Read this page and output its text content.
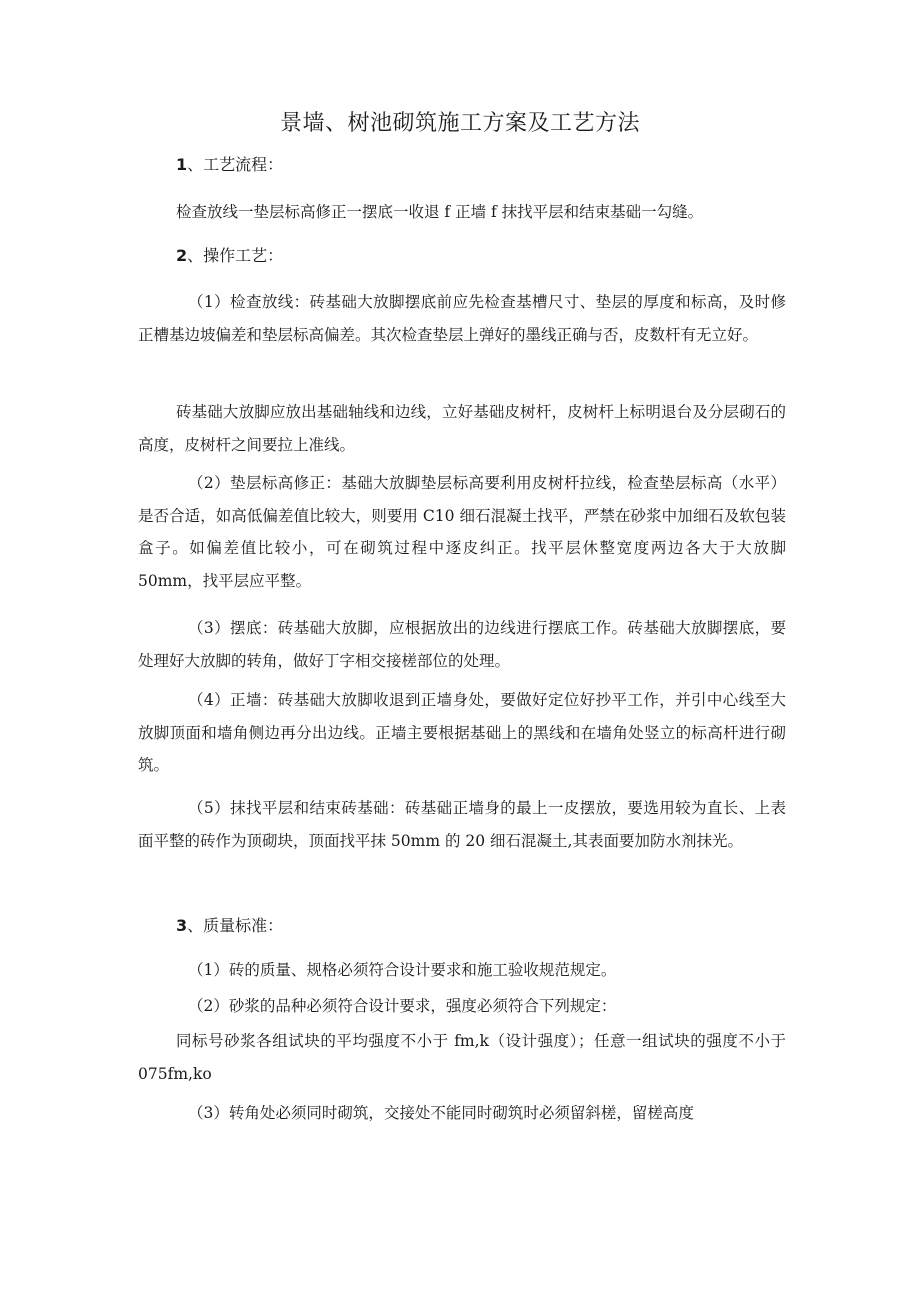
景墙、树池砌筑施工方案及工艺方法
1、工艺流程：

检查放线一垫层标高修正一摆底一收退 f 正墙 f 抹找平层和结束基础一勾缝。

2、操作工艺：

（1）检查放线：砖基础大放脚摆底前应先检查基槽尺寸、垫层的厚度和标高，及时修正槽基边坡偏差和垫层标高偏差。其次检查垫层上弹好的墨线正确与否，皮数杆有无立好。

砖基础大放脚应放出基础轴线和边线，立好基础皮树杆，皮树杆上标明退台及分层砌石的高度，皮树杆之间要拉上准线。

（2）垫层标高修正：基础大放脚垫层标高要利用皮树杆拉线，检查垫层标高（水平）是否合适，如高低偏差值比较大，则要用 C10 细石混凝土找平，严禁在砂浆中加细石及软包装盒子。如偏差值比较小，可在砌筑过程中逐皮纠正。找平层休整宽度两边各大于大放脚 50mm，找平层应平整。

（3）摆底：砖基础大放脚，应根据放出的边线进行摆底工作。砖基础大放脚摆底，要处理好大放脚的转角，做好丁字相交接槎部位的处理。

（4）正墙：砖基础大放脚收退到正墙身处，要做好定位好抄平工作，并引中心线至大放脚顶面和墙角侧边再分出边线。正墙主要根据基础上的黑线和在墙角处竖立的标高杆进行砌筑。

（5）抹找平层和结束砖基础：砖基础正墙身的最上一皮摆放，要选用较为直长、上表面平整的砖作为顶砌块，顶面找平抹 50mm 的 20 细石混凝土,其表面要加防水剂抹光。

3、质量标准：

（1）砖的质量、规格必须符合设计要求和施工验收规范规定。

（2）砂浆的品种必须符合设计要求，强度必须符合下列规定：

同标号砂浆各组试块的平均强度不小于 fm,k（设计强度）；任意一组试块的强度不小于 075fm,ko

（3）转角处必须同时砌筑，交接处不能同时砌筑时必须留斜槎，留槎高度
